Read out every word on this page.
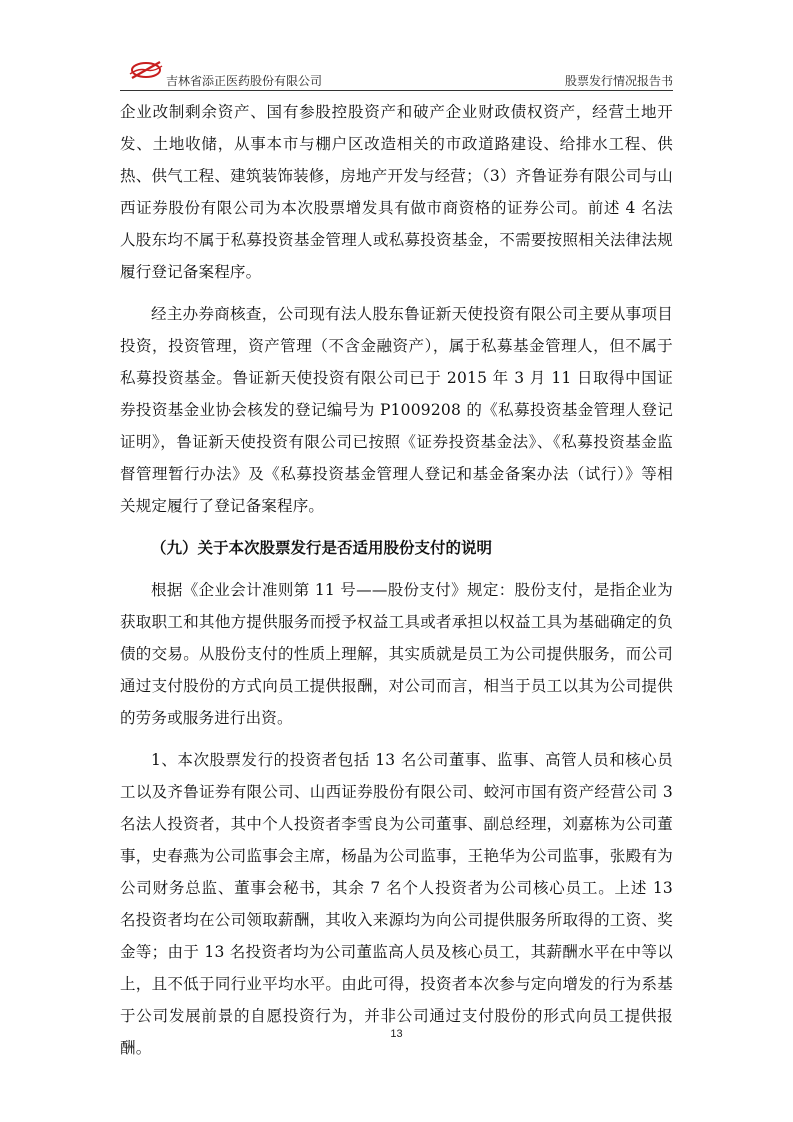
吉林省添正医药股份有限公司	股票发行情况报告书

企业改制剩余资产、国有参股控股资产和破产企业财政债权资产，经营土地开发、土地收储，从事本市与棚户区改造相关的市政道路建设、给排水工程、供热、供气工程、建筑装饰装修，房地产开发与经营；（3）齐鲁证券有限公司与山西证券股份有限公司为本次股票增发具有做市商资格的证券公司。前述 4 名法人股东均不属于私募投资基金管理人或私募投资基金，不需要按照相关法律法规履行登记备案程序。

经主办券商核查，公司现有法人股东鲁证新天使投资有限公司主要从事项目投资，投资管理，资产管理（不含金融资产），属于私募基金管理人，但不属于私募投资基金。鲁证新天使投资有限公司已于 2015 年 3 月 11 日取得中国证券投资基金业协会核发的登记编号为 P1009208 的《私募投资基金管理人登记证明》，鲁证新天使投资有限公司已按照《证券投资基金法》、《私募投资基金监督管理暂行办法》及《私募投资基金管理人登记和基金备案办法（试行）》等相关规定履行了登记备案程序。

（九）关于本次股票发行是否适用股份支付的说明

根据《企业会计准则第 11 号——股份支付》规定：股份支付，是指企业为获取职工和其他方提供服务而授予权益工具或者承担以权益工具为基础确定的负债的交易。从股份支付的性质上理解，其实质就是员工为公司提供服务，而公司通过支付股份的方式向员工提供报酬，对公司而言，相当于员工以其为公司提供的劳务或服务进行出资。

1、本次股票发行的投资者包括 13 名公司董事、监事、高管人员和核心员工以及齐鲁证券有限公司、山西证券股份有限公司、蛟河市国有资产经营公司 3 名法人投资者，其中个人投资者李雪良为公司董事、副总经理，刘嘉栋为公司董事，史春燕为公司监事会主席，杨晶为公司监事，王艳华为公司监事，张殿有为公司财务总监、董事会秘书，其余 7 名个人投资者为公司核心员工。上述 13 名投资者均在公司领取薪酬，其收入来源均为向公司提供服务所取得的工资、奖金等；由于 13 名投资者均为公司董监高人员及核心员工，其薪酬水平在中等以上，且不低于同行业平均水平。由此可得，投资者本次参与定向增发的行为系基于公司发展前景的自愿投资行为，并非公司通过支付股份的形式向员工提供报酬。

13
